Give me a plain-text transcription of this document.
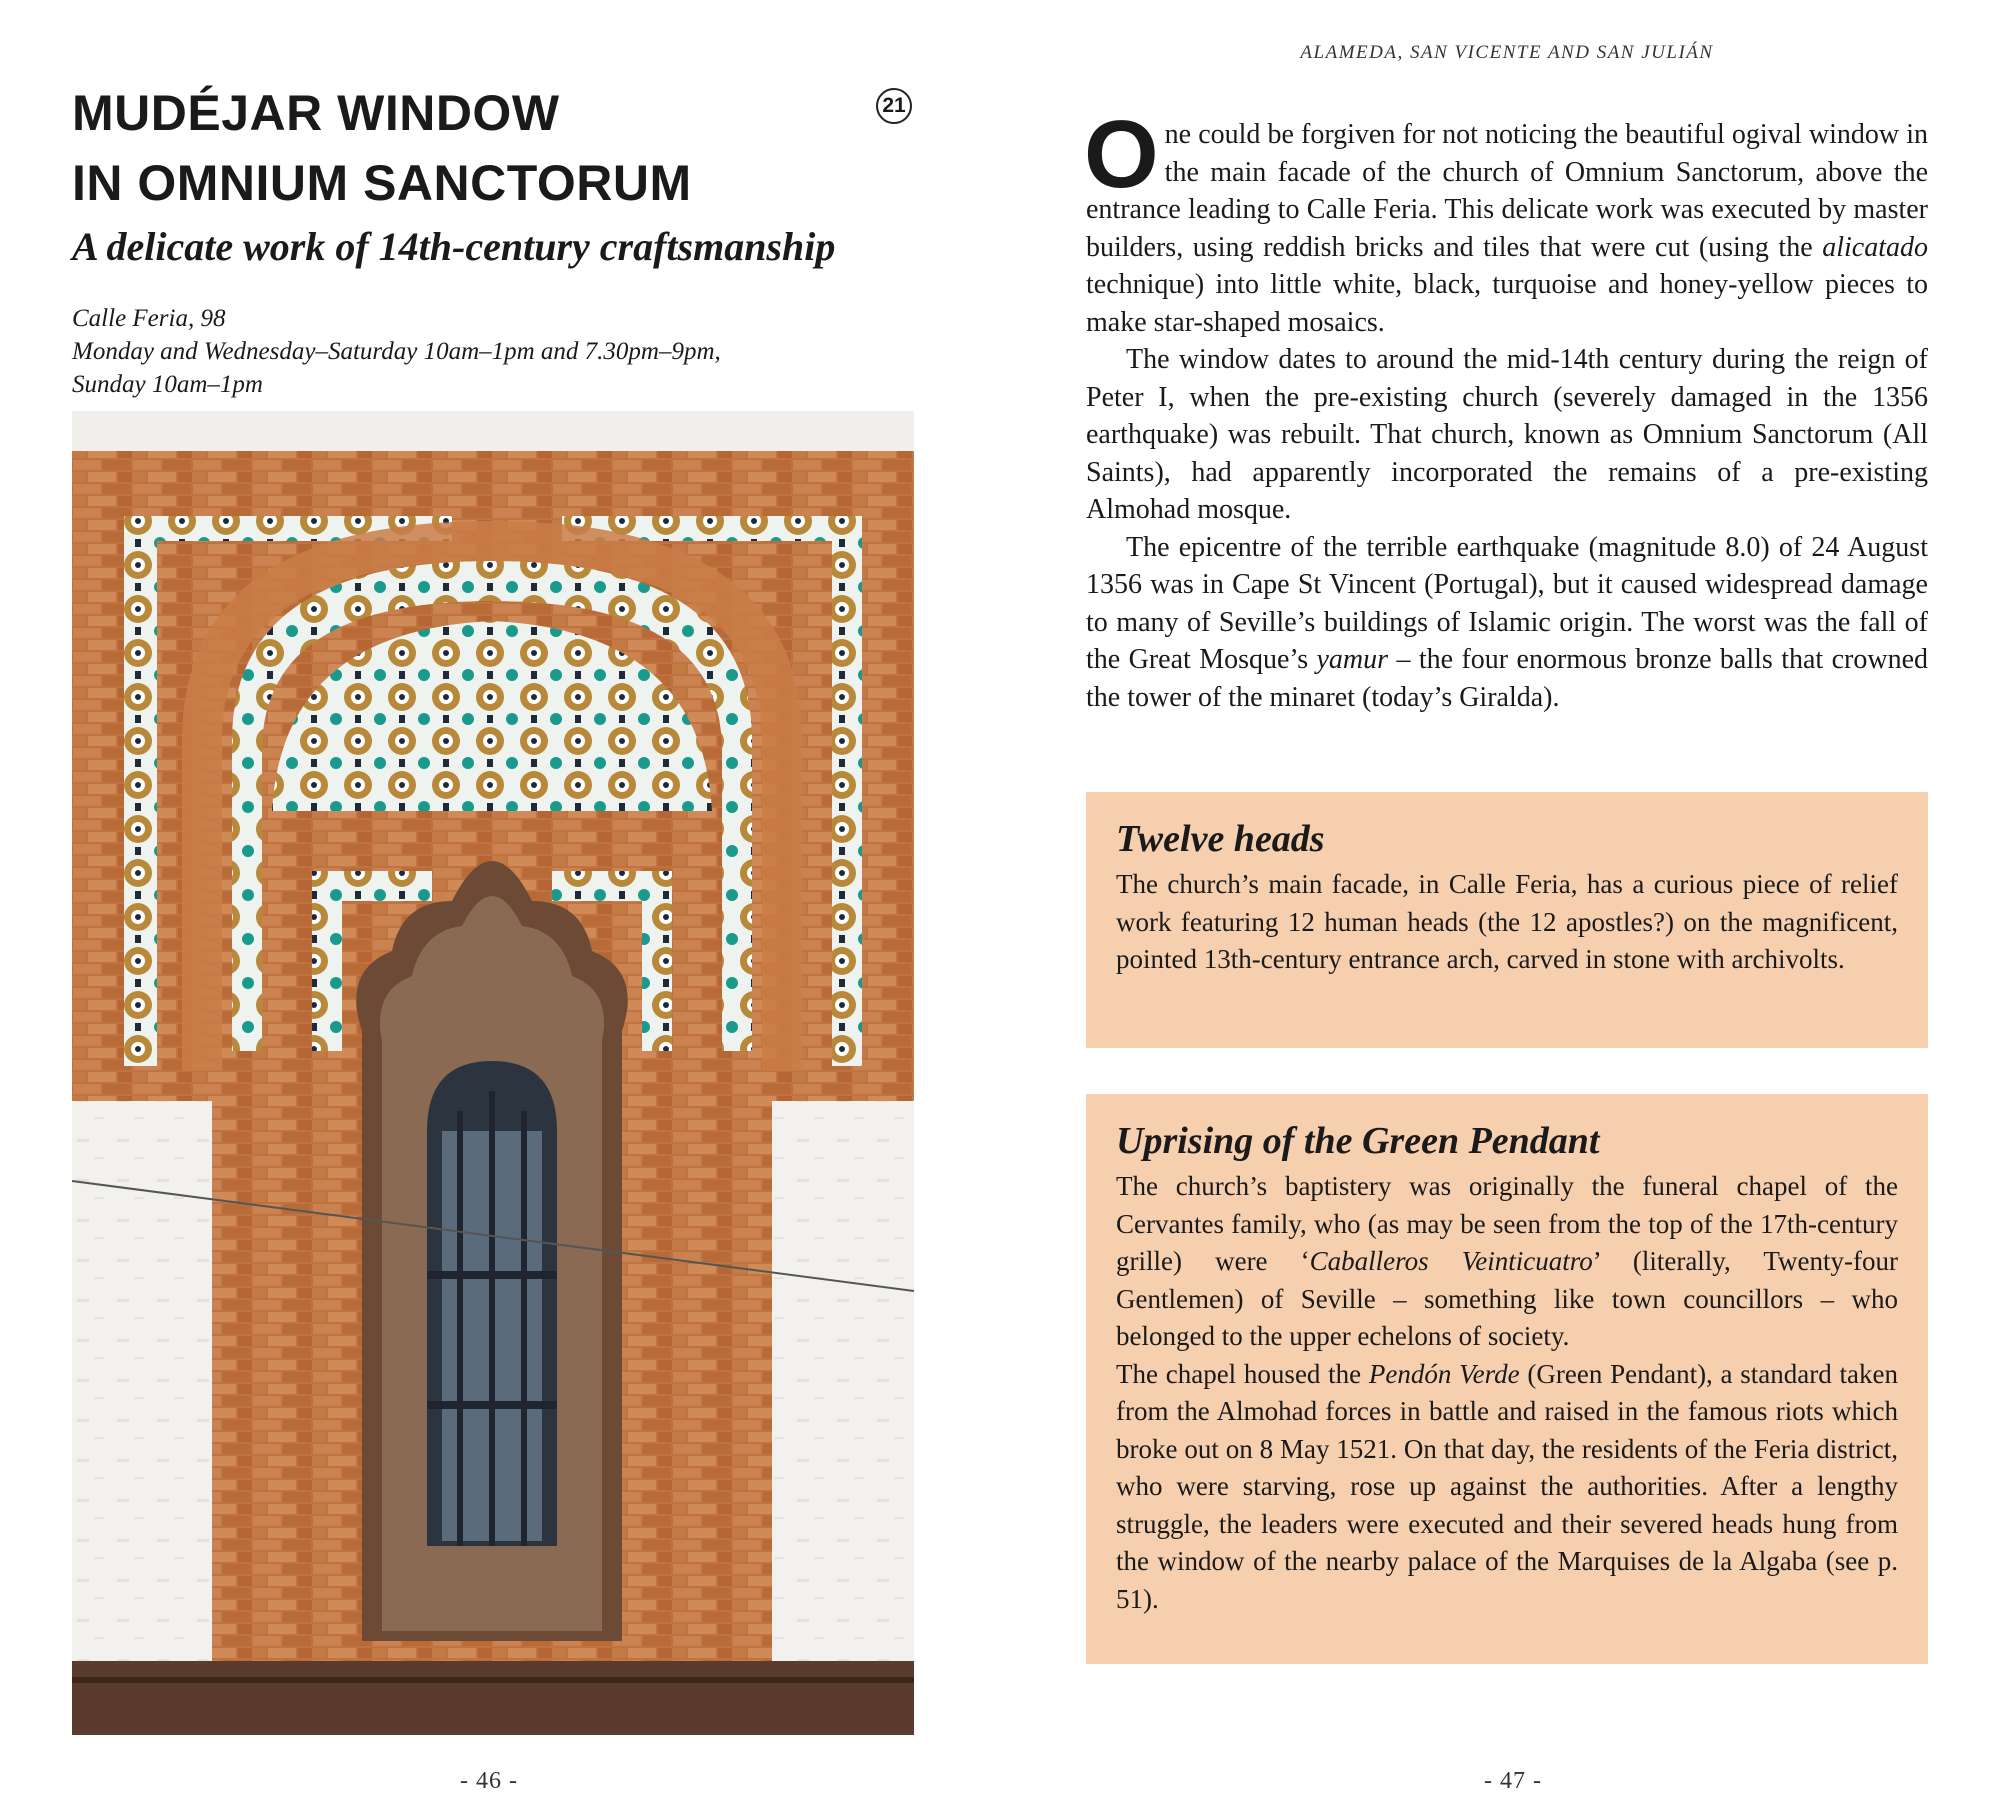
MUDÉJAR WINDOW
IN OMNIUM SANCTORUM
21
A delicate work of 14th-century craftsmanship
Calle Feria, 98
Monday and Wednesday–Saturday 10am–1pm and 7.30pm–9pm,
Sunday 10am–1pm
- 46 -
ALAMEDA, SAN VICENTE AND SAN JULIÁN

One could be forgiven for not noticing the beautiful ogival window in the main facade of the church of Omnium Sanctorum, above the entrance leading to Calle Feria. This delicate work was executed by master builders, using reddish bricks and tiles that were cut (using the alicatado technique) into little white, black, turquoise and honey-yellow pieces to make star-shaped mosaics.

The window dates to around the mid-14th century during the reign of Peter I, when the pre-existing church (severely damaged in the 1356 earthquake) was rebuilt. That church, known as Omnium Sanctorum (All Saints), had apparently incorporated the remains of a pre-existing Almohad mosque.

The epicentre of the terrible earthquake (magnitude 8.0) of 24 August 1356 was in Cape St Vincent (Portugal), but it caused widespread damage to many of Seville’s buildings of Islamic origin. The worst was the fall of the Great Mosque’s yamur – the four enormous bronze balls that crowned the tower of the minaret (today’s Giralda).

Twelve heads

The church’s main facade, in Calle Feria, has a curious piece of relief work featuring 12 human heads (the 12 apostles?) on the magnificent, pointed 13th-century entrance arch, carved in stone with archivolts.

Uprising of the Green Pendant

The church’s baptistery was originally the funeral chapel of the Cervantes family, who (as may be seen from the top of the 17th-century grille) were ‘Caballeros Veinticuatro’ (literally, Twenty-four Gentlemen) of Seville – something like town councillors – who belonged to the upper echelons of society.

The chapel housed the Pendón Verde (Green Pendant), a standard taken from the Almohad forces in battle and raised in the famous riots which broke out on 8 May 1521. On that day, the residents of the Feria district, who were starving, rose up against the authorities. After a lengthy struggle, the leaders were executed and their severed heads hung from the window of the nearby palace of the Marquises de la Algaba (see p. 51).

- 47 -
